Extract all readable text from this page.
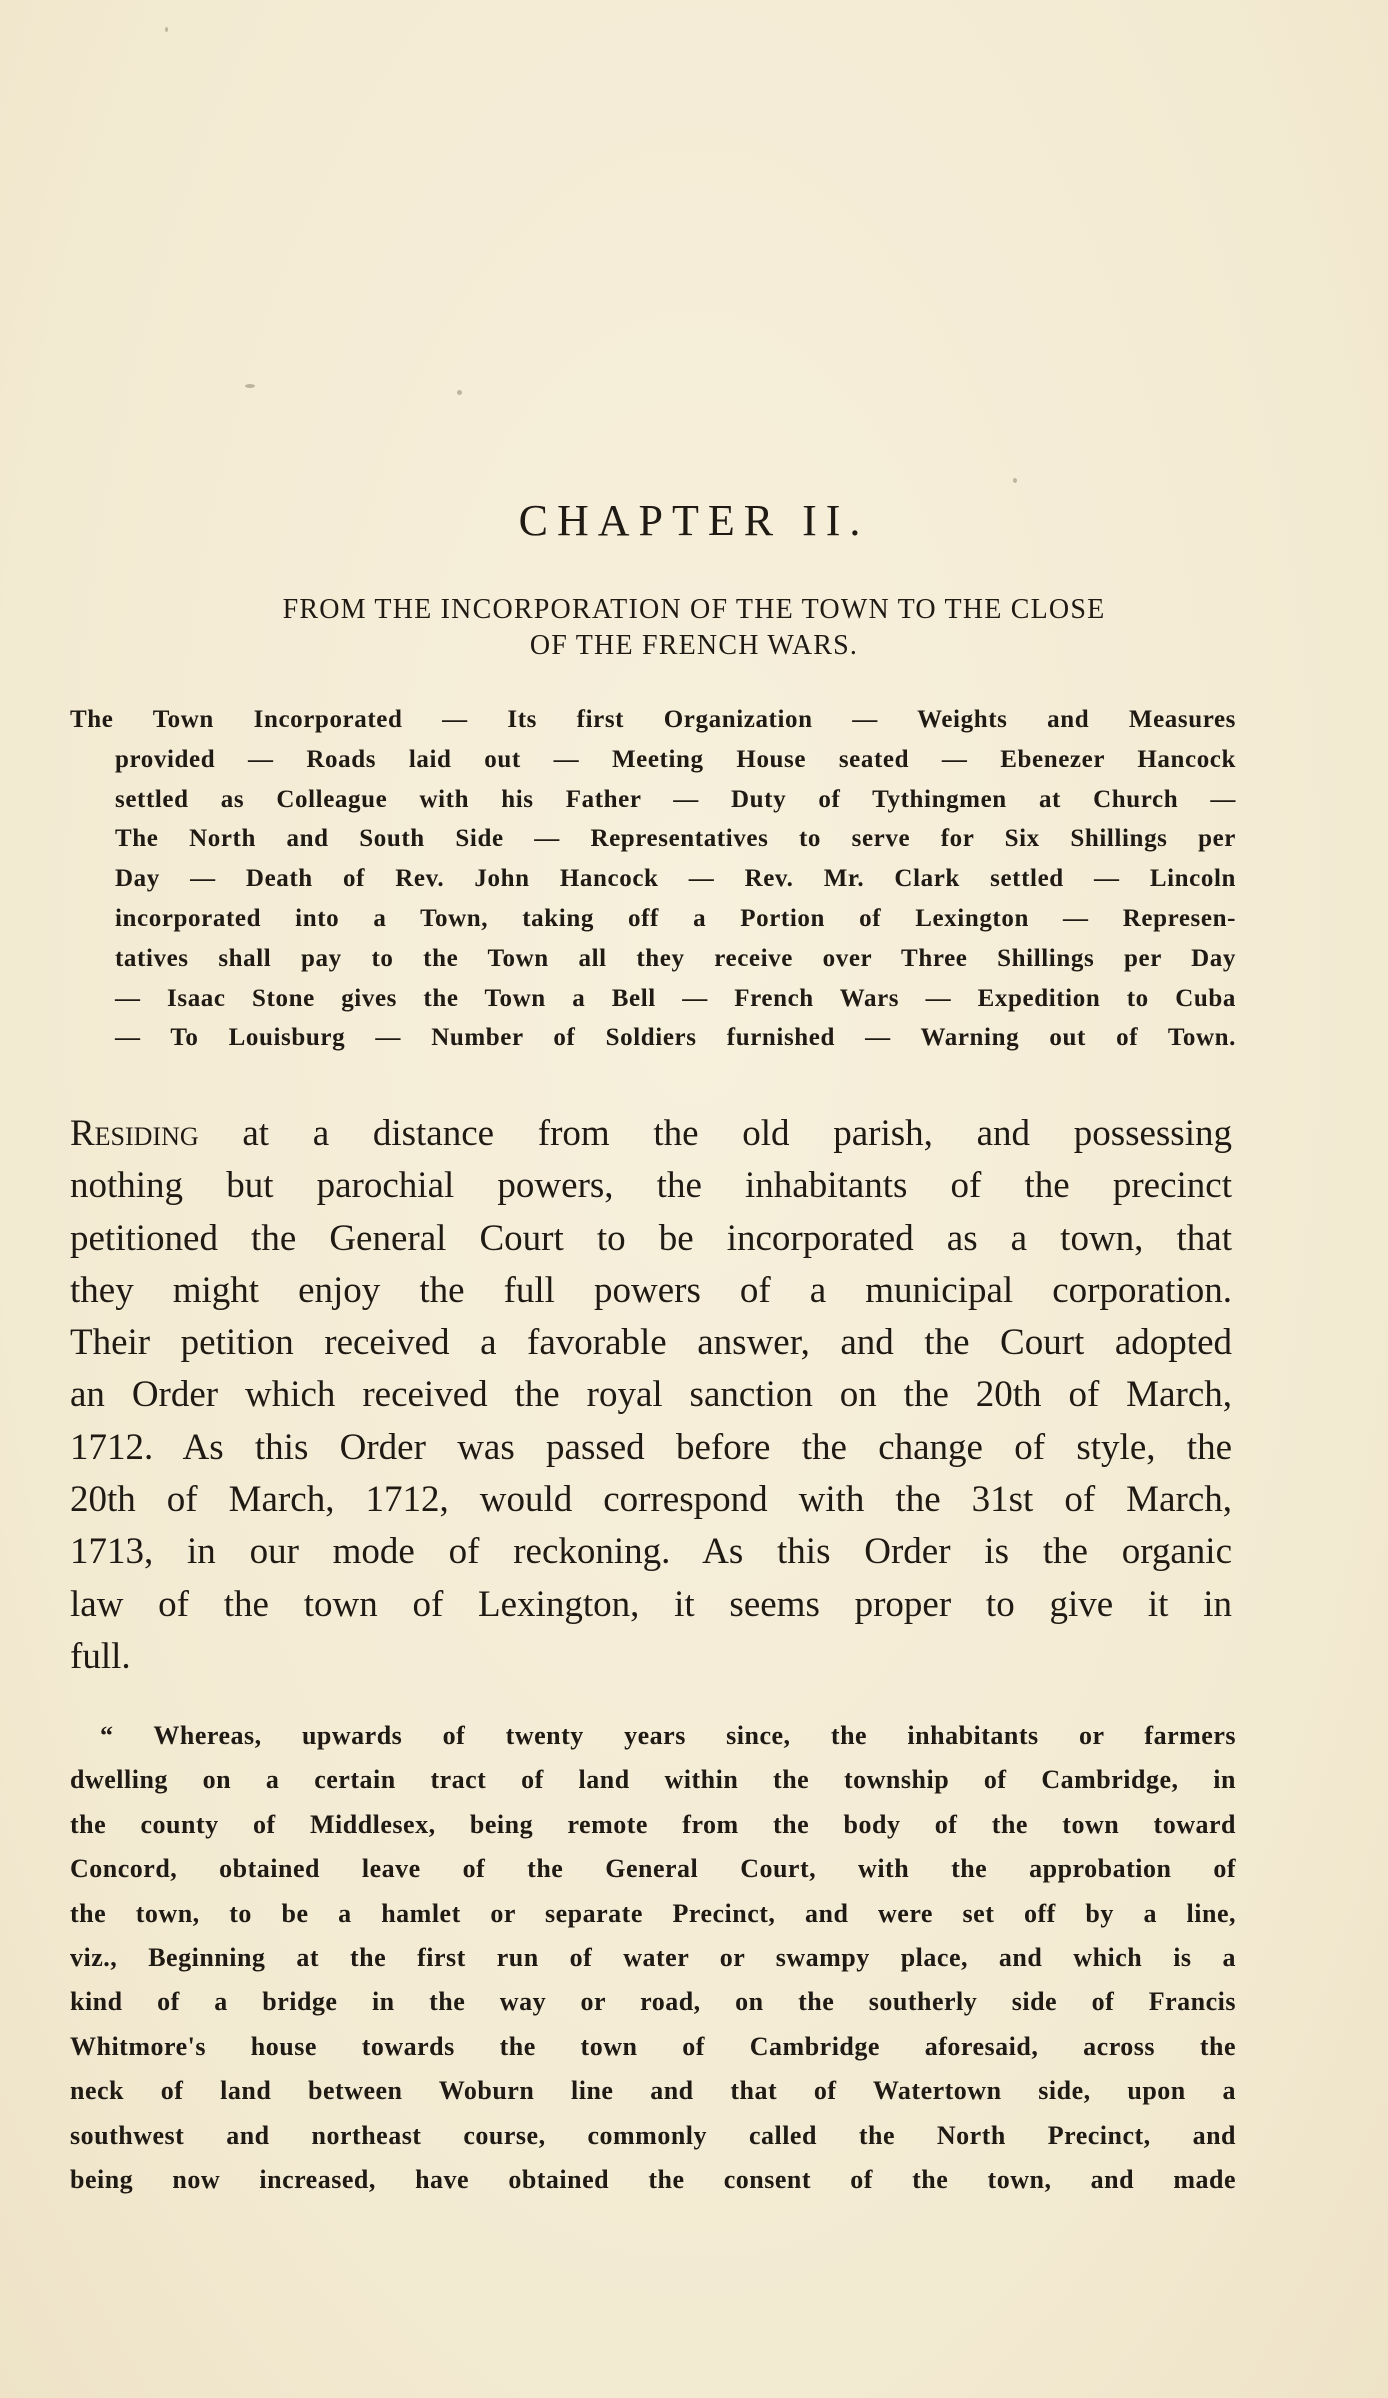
CHAPTER II.
FROM THE INCORPORATION OF THE TOWN TO THE CLOSE
OF THE FRENCH WARS.
The Town Incorporated — Its first Organization — Weights and Measures
provided — Roads laid out — Meeting House seated — Ebenezer Hancock
settled as Colleague with his Father — Duty of Tythingmen at Church —
The North and South Side — Representatives to serve for Six Shillings per
Day — Death of Rev. John Hancock — Rev. Mr. Clark settled — Lincoln
incorporated into a Town, taking off a Portion of Lexington — Represen-
tatives shall pay to the Town all they receive over Three Shillings per Day
— Isaac Stone gives the Town a Bell — French Wars — Expedition to Cuba
— To Louisburg — Number of Soldiers furnished — Warning out of Town.
Residing at a distance from the old parish, and possessing
nothing but parochial powers, the inhabitants of the precinct
petitioned the General Court to be incorporated as a town, that
they might enjoy the full powers of a municipal corporation.
Their petition received a favorable answer, and the Court adopted
an Order which received the royal sanction on the 20th of March,
1712. As this Order was passed before the change of style, the
20th of March, 1712, would correspond with the 31st of March,
1713, in our mode of reckoning. As this Order is the organic
law of the town of Lexington, it seems proper to give it in
full.
“ Whereas, upwards of twenty years since, the inhabitants or farmers
dwelling on a certain tract of land within the township of Cambridge, in
the county of Middlesex, being remote from the body of the town toward
Concord, obtained leave of the General Court, with the approbation of
the town, to be a hamlet or separate Precinct, and were set off by a line,
viz., Beginning at the first run of water or swampy place, and which is a
kind of a bridge in the way or road, on the southerly side of Francis
Whitmore's house towards the town of Cambridge aforesaid, across the
neck of land between Woburn line and that of Watertown side, upon a
southwest and northeast course, commonly called the North Precinct, and
being now increased, have obtained the consent of the town, and made
